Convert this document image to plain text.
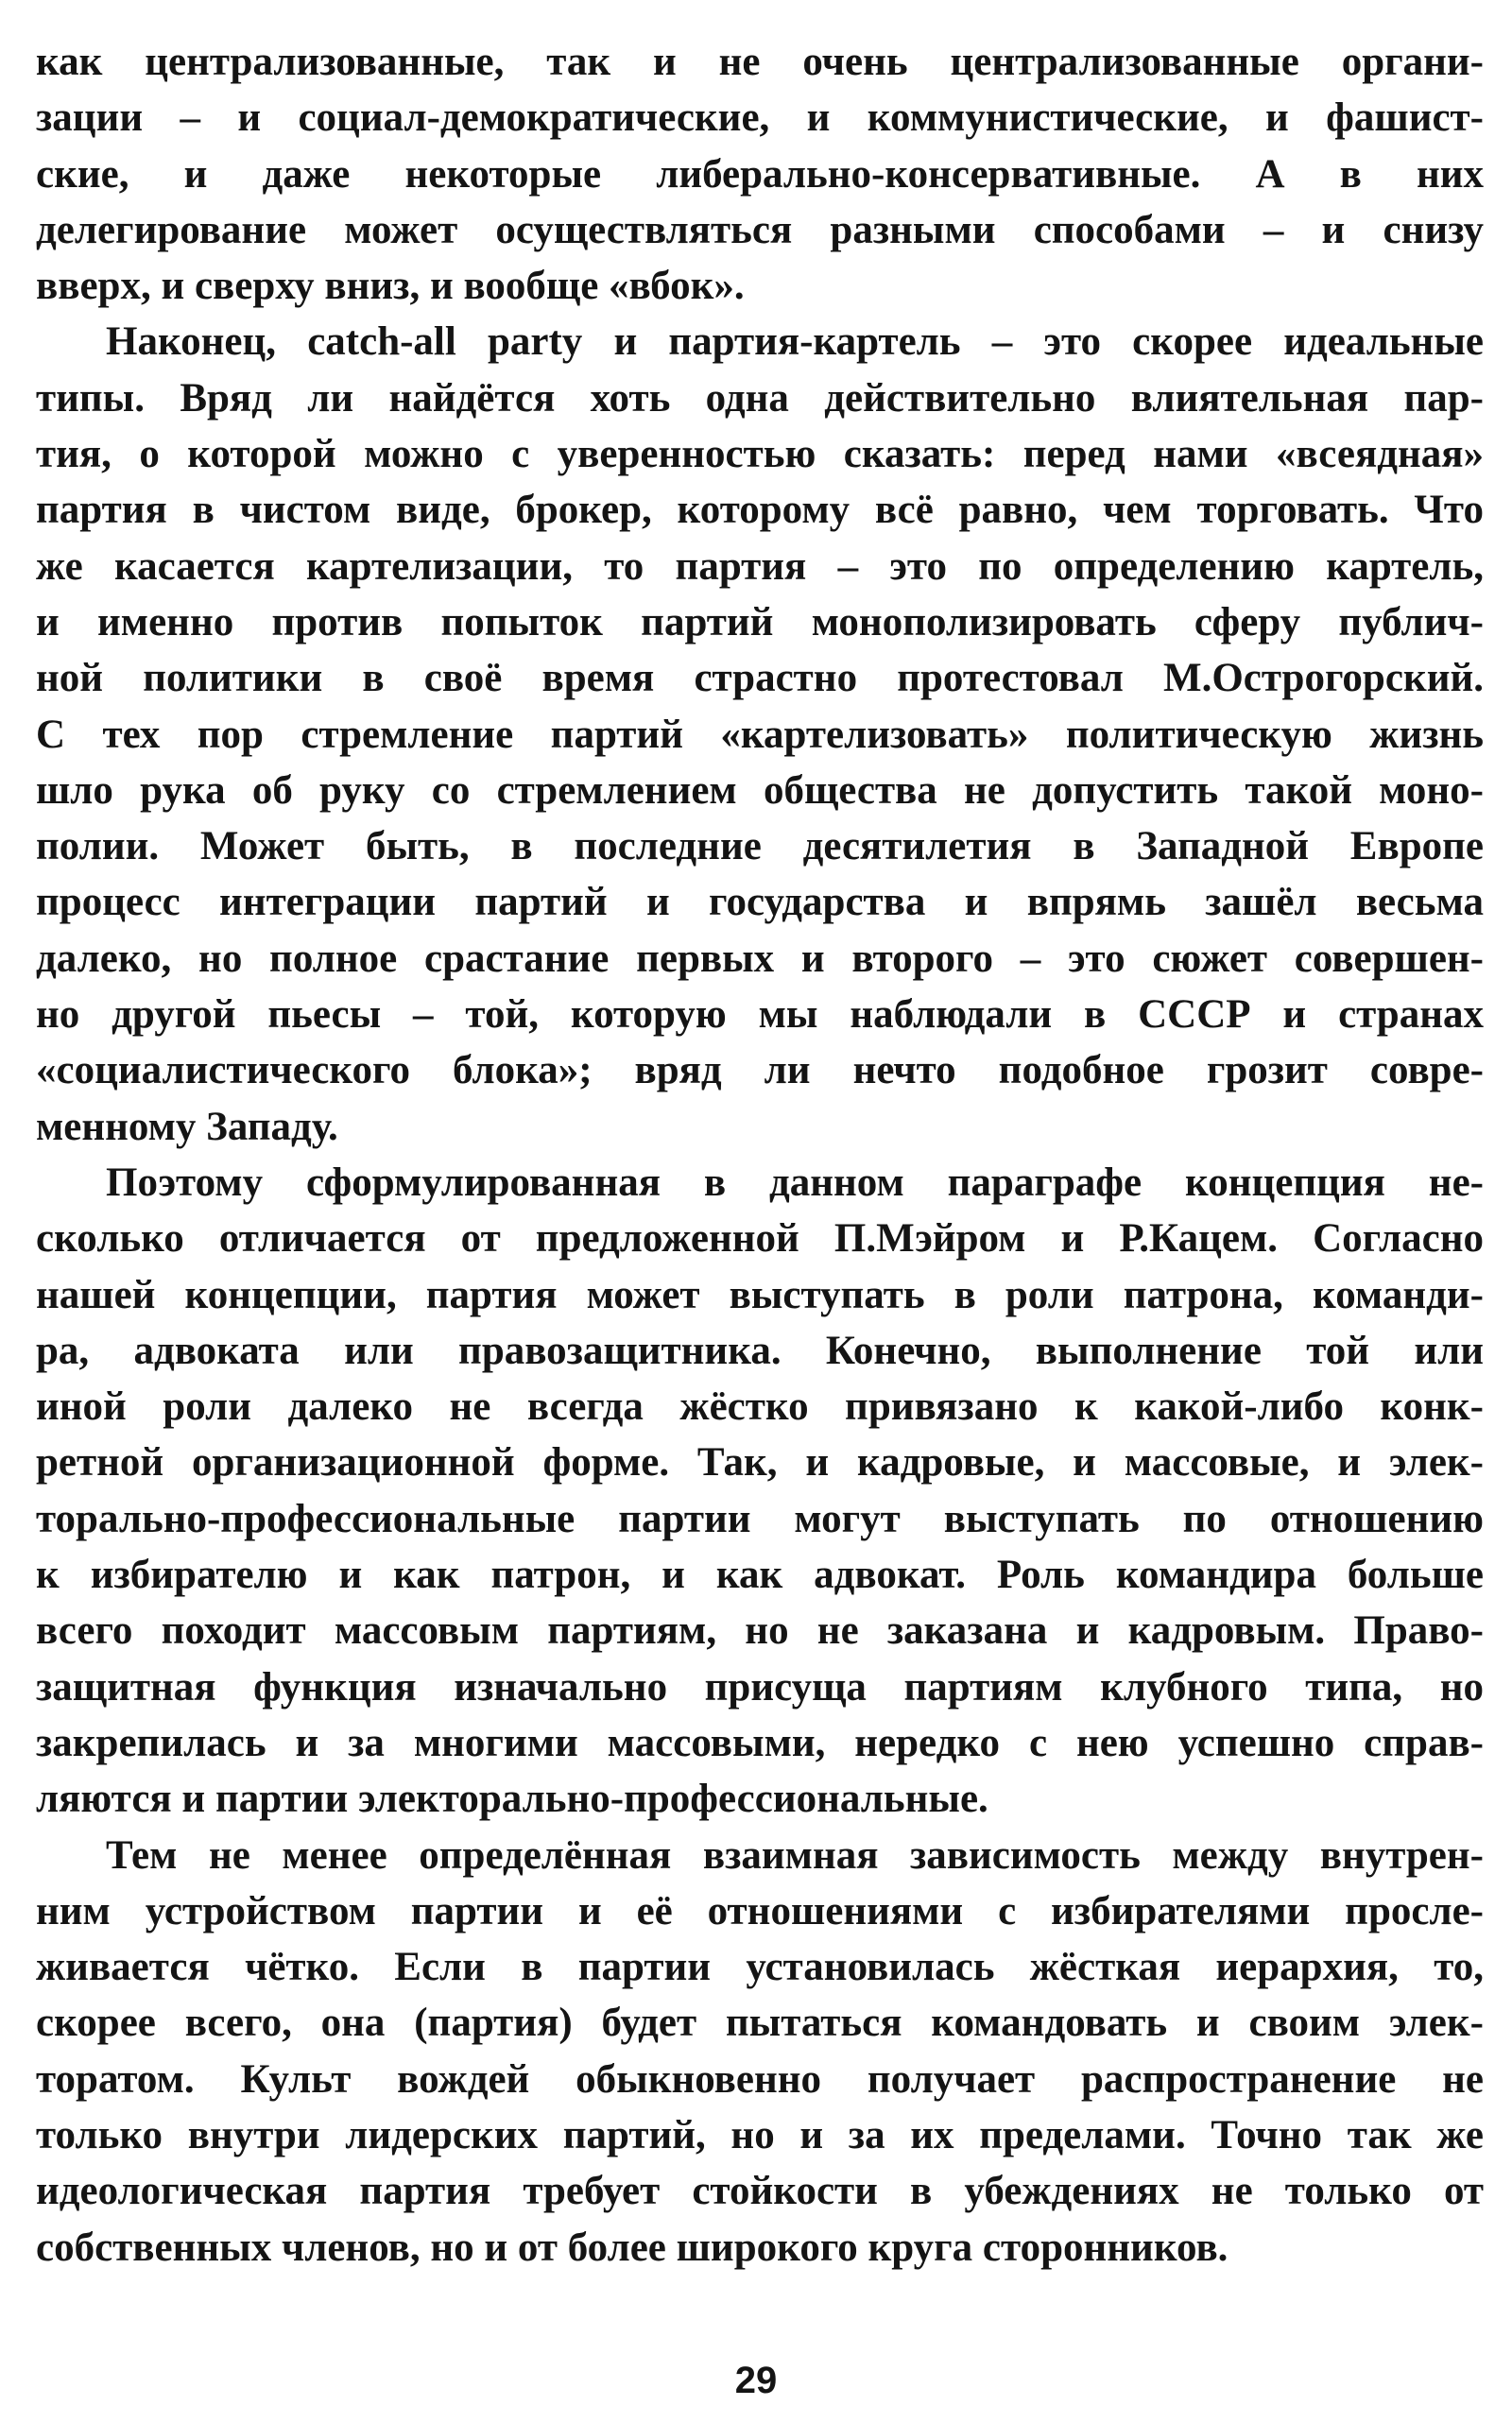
как централизованные, так и не очень централизованные органи-
зации – и социал-демократические, и коммунистические, и фашист-
ские, и даже некоторые либерально-консервативные. А в них
делегирование может осуществляться разными способами – и снизу
вверх, и сверху вниз, и вообще «вбок».
Наконец, catch-all party и партия-картель – это скорее идеальные
типы. Вряд ли найдётся хоть одна действительно влиятельная пар-
тия, о которой можно с уверенностью сказать: перед нами «всеядная»
партия в чистом виде, брокер, которому всё равно, чем торговать. Что
же касается картелизации, то партия – это по определению картель,
и именно против попыток партий монополизировать сферу публич-
ной политики в своё время страстно протестовал М.Острогорский.
С тех пор стремление партий «картелизовать» политическую жизнь
шло рука об руку со стремлением общества не допустить такой моно-
полии. Может быть, в последние десятилетия в Западной Европе
процесс интеграции партий и государства и впрямь зашёл весьма
далеко, но полное срастание первых и второго – это сюжет совершен-
но другой пьесы – той, которую мы наблюдали в СССР и странах
«социалистического блока»; вряд ли нечто подобное грозит совре-
менному Западу.
Поэтому сформулированная в данном параграфе концепция не-
сколько отличается от предложенной П.Мэйром и Р.Кацем. Согласно
нашей концепции, партия может выступать в роли патрона, команди-
ра, адвоката или правозащитника. Конечно, выполнение той или
иной роли далеко не всегда жёстко привязано к какой-либо конк-
ретной организационной форме. Так, и кадровые, и массовые, и элек-
торально-профессиональные партии могут выступать по отношению
к избирателю и как патрон, и как адвокат. Роль командира больше
всего походит массовым партиям, но не заказана и кадровым. Право-
защитная функция изначально присуща партиям клубного типа, но
закрепилась и за многими массовыми, нередко с нею успешно справ-
ляются и партии электорально-профессиональные.
Тем не менее определённая взаимная зависимость между внутрен-
ним устройством партии и её отношениями с избирателями просле-
живается чётко. Если в партии установилась жёсткая иерархия, то,
скорее всего, она (партия) будет пытаться командовать и своим элек-
торатом. Культ вождей обыкновенно получает распространение не
только внутри лидерских партий, но и за их пределами. Точно так же
идеологическая партия требует стойкости в убеждениях не только от
собственных членов, но и от более широкого круга сторонников.
29
